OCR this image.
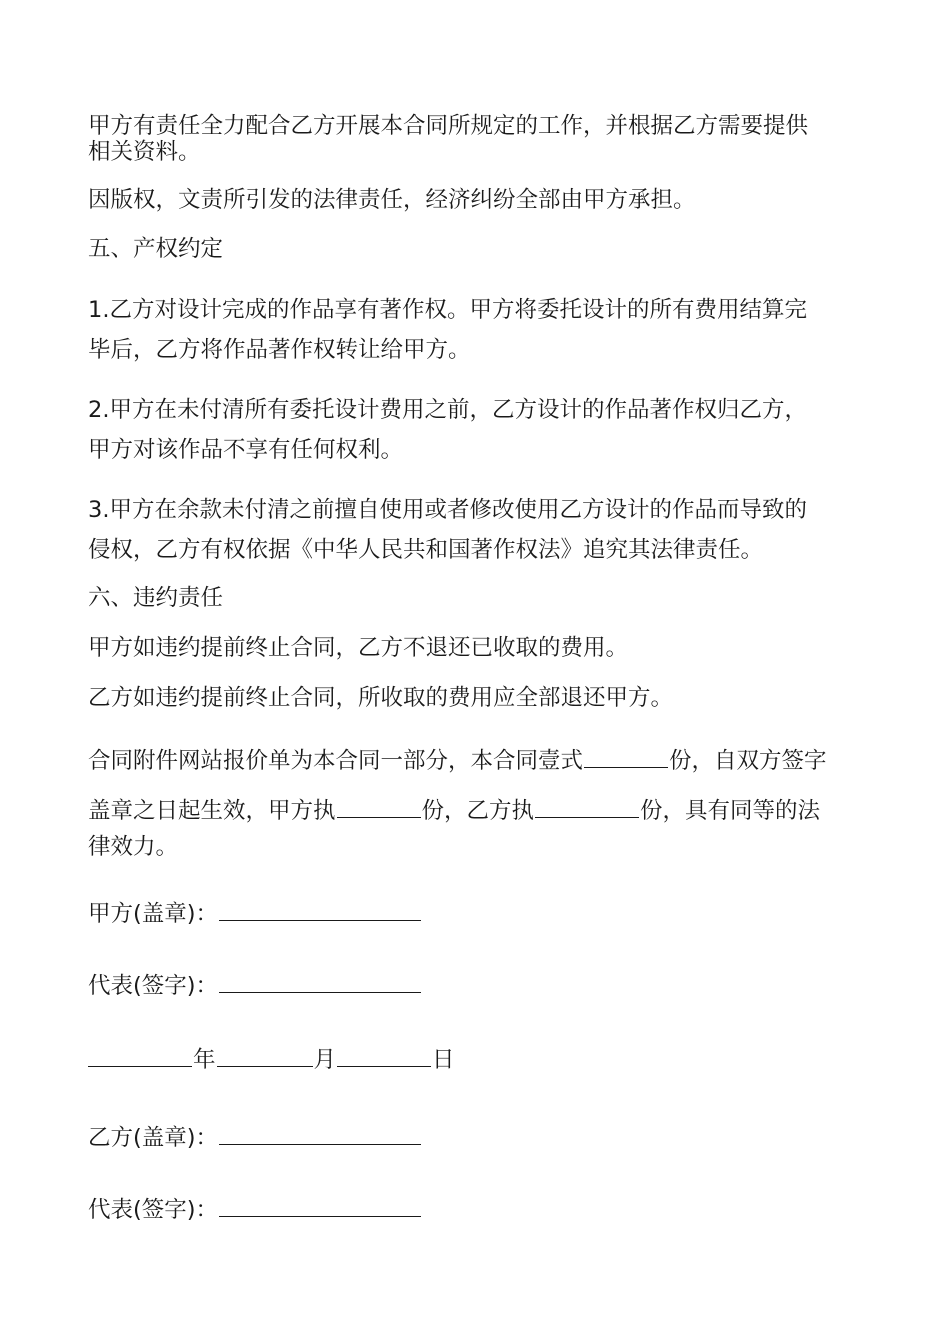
甲方有责任全力配合乙方开展本合同所规定的工作，并根据乙方需要提供
相关资料。
因版权，文责所引发的法律责任，经济纠纷全部由甲方承担。
五、产权约定
1.乙方对设计完成的作品享有著作权。甲方将委托设计的所有费用结算完
毕后，乙方将作品著作权转让给甲方。
2.甲方在未付清所有委托设计费用之前，乙方设计的作品著作权归乙方，
甲方对该作品不享有任何权利。
3.甲方在余款未付清之前擅自使用或者修改使用乙方设计的作品而导致的
侵权，乙方有权依据《中华人民共和国著作权法》追究其法律责任。
六、违约责任
甲方如违约提前终止合同，乙方不退还已收取的费用。
乙方如违约提前终止合同，所收取的费用应全部退还甲方。
合同附件网站报价单为本合同一部分，本合同壹式	份，自双方签字
盖章之日起生效，甲方执	份，乙方执	份，具有同等的法
律效力。
甲方(盖章)：
代表(签字)：
年	月	日
乙方(盖章)：
代表(签字)：
